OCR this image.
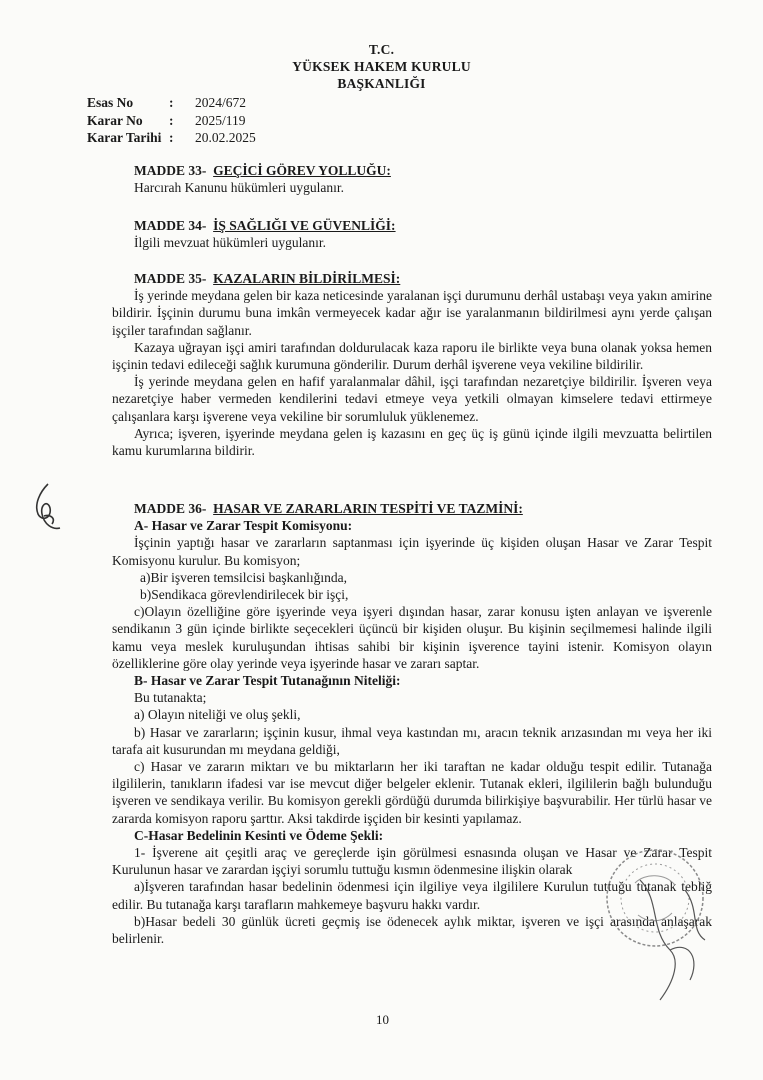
T.C.
YÜKSEK HAKEM KURULU
BAŞKANLIĞI
Esas No	:	2024/672
Karar No	:	2025/119
Karar Tarihi :	20.02.2025

MADDE 33- GEÇİCİ GÖREV YOLLUĞU:

Harcırah Kanunu hükümleri uygulanır.

MADDE 34- İŞ SAĞLIĞI VE GÜVENLİĞİ:

İlgili mevzuat hükümleri uygulanır.

MADDE 35- KAZALARIN BİLDİRİLMESİ:

İş yerinde meydana gelen bir kaza neticesinde yaralanan işçi durumunu derhâl ustabaşı veya yakın amirine bildirir. İşçinin durumu buna imkân vermeyecek kadar ağır ise yaralanmanın bildirilmesi aynı yerde çalışan işçiler tarafından sağlanır.

Kazaya uğrayan işçi amiri tarafından doldurulacak kaza raporu ile birlikte veya buna olanak yoksa hemen işçinin tedavi edileceği sağlık kurumuna gönderilir. Durum derhâl işverene veya vekiline bildirilir.

İş yerinde meydana gelen en hafif yaralanmalar dâhil, işçi tarafından nezaretçiye bildirilir. İşveren veya nezaretçiye haber vermeden kendilerini tedavi etmeye veya yetkili olmayan kimselere tedavi ettirmeye çalışanlara karşı işverene veya vekiline bir sorumluluk yüklenemez.

Ayrıca; işveren, işyerinde meydana gelen iş kazasını en geç üç iş günü içinde ilgili mevzuatta belirtilen kamu kurumlarına bildirir.

MADDE 36- HASAR VE ZARARLARIN TESPİTİ VE TAZMİNİ:

A- Hasar ve Zarar Tespit Komisyonu:

İşçinin yaptığı hasar ve zararların saptanması için işyerinde üç kişiden oluşan Hasar ve Zarar Tespit Komisyonu kurulur. Bu komisyon;

a)Bir işveren temsilcisi başkanlığında,

b)Sendikaca görevlendirilecek bir işçi,

c)Olayın özelliğine göre işyerinde veya işyeri dışından hasar, zarar konusu işten anlayan ve işverenle sendikanın 3 gün içinde birlikte seçecekleri üçüncü bir kişiden oluşur. Bu kişinin seçilmemesi halinde ilgili kamu veya meslek kuruluşundan ihtisas sahibi bir kişinin işverence tayini istenir. Komisyon olayın özelliklerine göre olay yerinde veya işyerinde hasar ve zararı saptar.

B- Hasar ve Zarar Tespit Tutanağının Niteliği:

Bu tutanakta;

a) Olayın niteliği ve oluş şekli,

b) Hasar ve zararların; işçinin kusur, ihmal veya kastından mı, aracın teknik arızasından mı veya her iki tarafa ait kusurundan mı meydana geldiği,

c) Hasar ve zararın miktarı ve bu miktarların her iki taraftan ne kadar olduğu tespit edilir. Tutanağa ilgililerin, tanıkların ifadesi var ise mevcut diğer belgeler eklenir. Tutanak ekleri, ilgililerin bağlı bulunduğu işveren ve sendikaya verilir. Bu komisyon gerekli gördüğü durumda bilirkişiye başvurabilir. Her türlü hasar ve zararda komisyon raporu şarttır. Aksi takdirde işçiden bir kesinti yapılamaz.

C-Hasar Bedelinin Kesinti ve Ödeme Şekli:

1- İşverene ait çeşitli araç ve gereçlerde işin görülmesi esnasında oluşan ve Hasar ve Zarar Tespit Kurulunun hasar ve zarardan işçiyi sorumlu tuttuğu kısmın ödenmesine ilişkin olarak

a)İşveren tarafından hasar bedelinin ödenmesi için ilgiliye veya ilgililere Kurulun tuttuğu tutanak tebliğ edilir. Bu tutanağa karşı tarafların mahkemeye başvuru hakkı vardır.

b)Hasar bedeli 30 günlük ücreti geçmiş ise ödenecek aylık miktar, işveren ve işçi arasında anlaşarak belirlenir.

10
